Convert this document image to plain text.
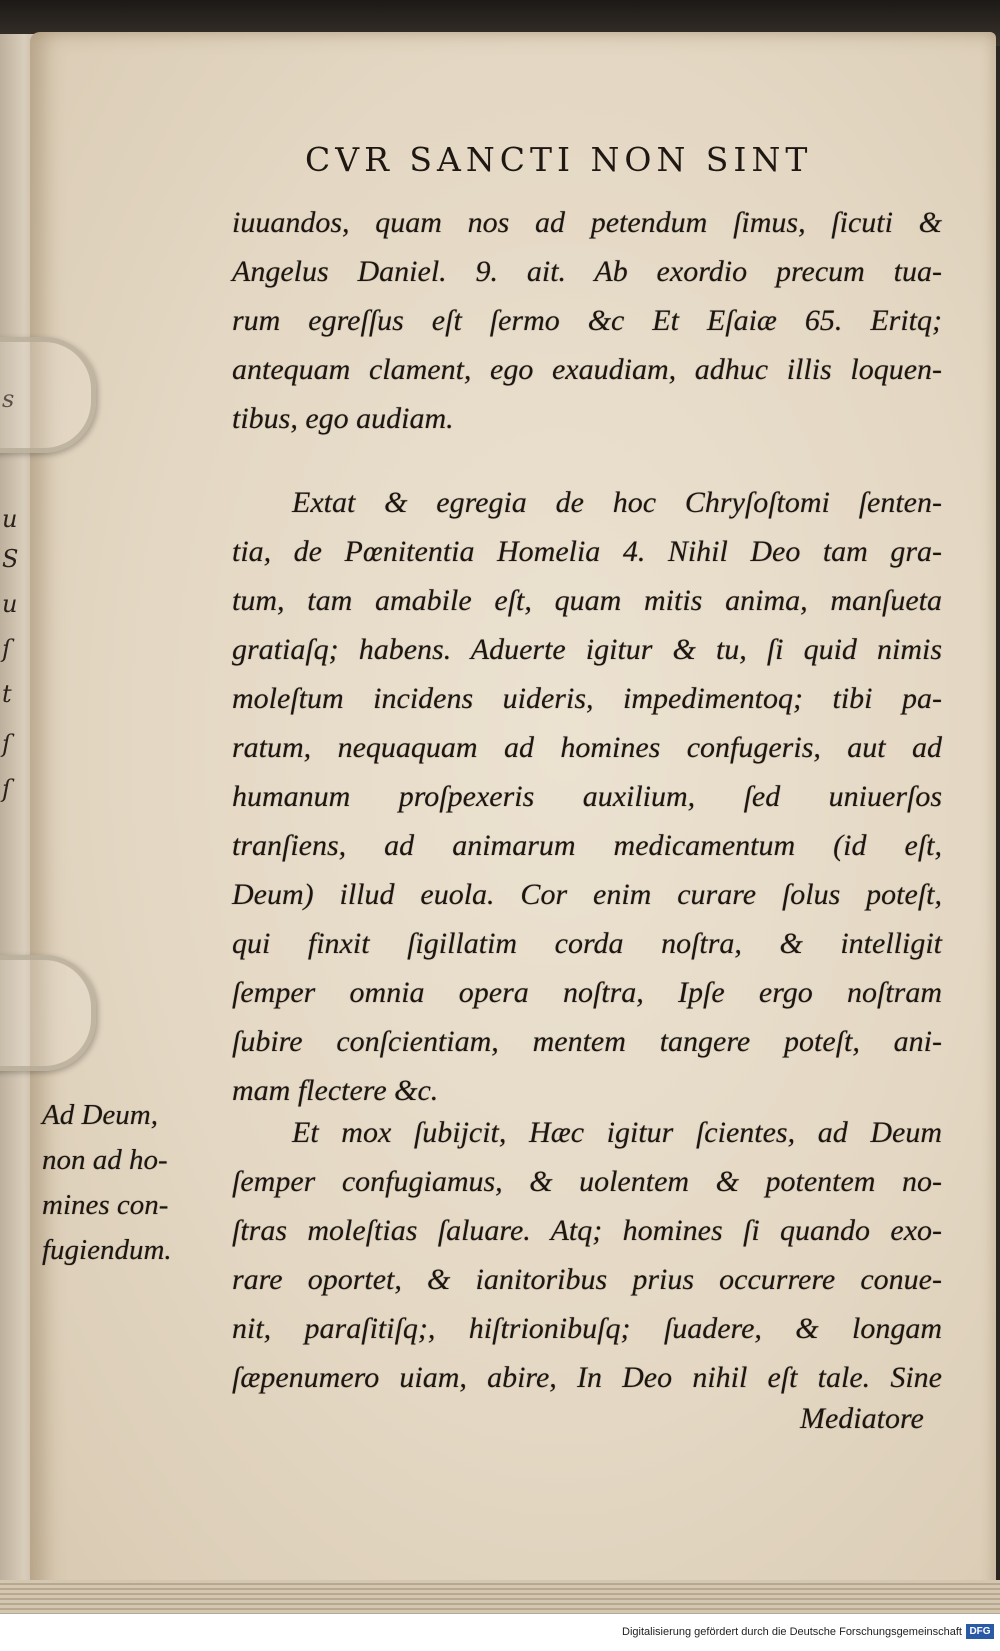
s
u
S
u
ſ
t
ſ
ſ
CVR SANCTI NON SINT
iuuandos, quam nos ad petendum ſimus, ſicuti &
Angelus Daniel. 9. ait. Ab exordio precum tua-
rum egreſſus eſt ſermo &c Et Eſaiæ 65. Eritq;
antequam clament, ego exaudiam, adhuc illis loquen-
tibus, ego audiam.
Extat & egregia de hoc Chryſoſtomi ſenten-
tia, de Pœnitentia Homelia 4. Nihil Deo tam gra-
tum, tam amabile eſt, quam mitis anima, manſueta
gratiaſq; habens. Aduerte igitur & tu, ſi quid nimis
moleſtum incidens uideris, impedimentoq; tibi pa-
ratum, nequaquam ad homines confugeris, aut ad
humanum proſpexeris auxilium, ſed uniuerſos
tranſiens, ad animarum medicamentum (id eſt,
Deum) illud euola. Cor enim curare ſolus poteſt,
qui finxit ſigillatim corda noſtra, & intelligit
ſemper omnia opera noſtra, Ipſe ergo noſtram
ſubire conſcientiam, mentem tangere poteſt, ani-
mam flectere &c.
Ad Deum,
non ad ho-
mines con-
fugiendum.
Et mox ſubijcit, Hæc igitur ſcientes, ad Deum
ſemper confugiamus, & uolentem & potentem no-
ſtras moleſtias ſaluare. Atq; homines ſi quando exo-
rare oportet, & ianitoribus prius occurrere conue-
nit, paraſitiſq;, hiſtrionibuſq; ſuadere, & longam
ſæpenumero uiam, abire, In Deo nihil eſt tale. Sine
Mediatore
Digitalisierung gefördert durch die Deutsche Forschungsgemeinschaft DFG
